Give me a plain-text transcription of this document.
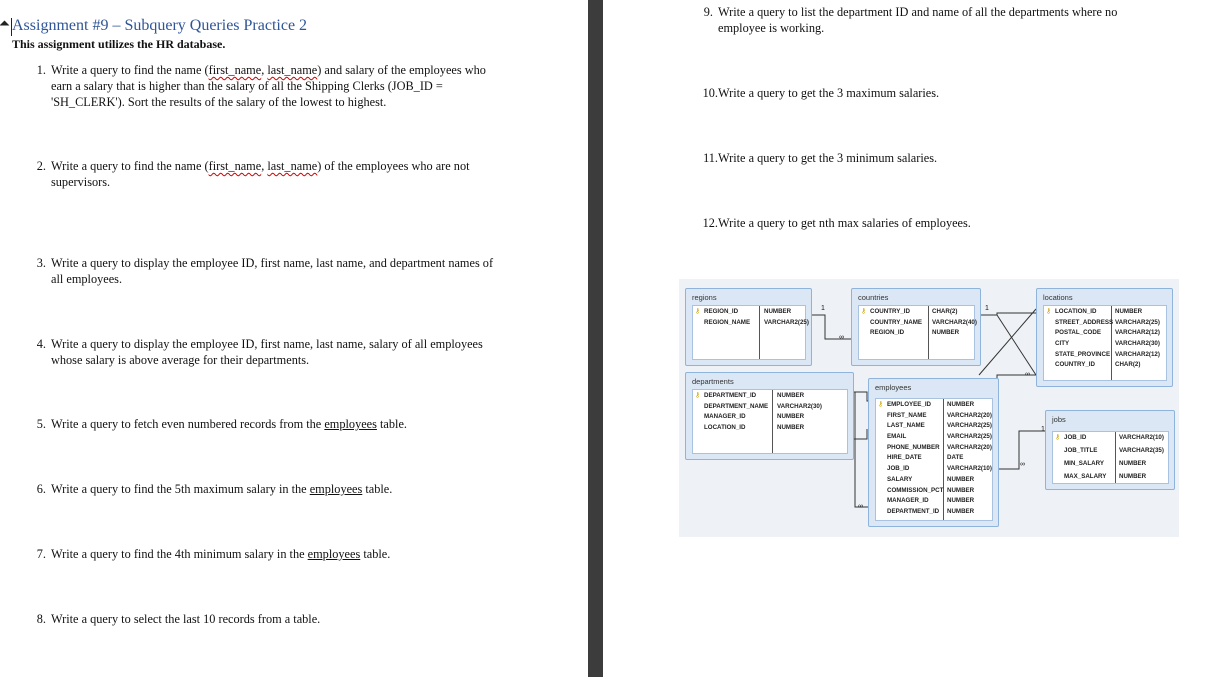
Assignment #9 – Subquery Queries Practice 2
This assignment utilizes the HR database.
1. Write a query to find the name (first_name, last_name) and salary of the employees who
earn a salary that is higher than the salary of all the Shipping Clerks (JOB_ID =
'SH_CLERK'). Sort the results of the salary of the lowest to highest.
2. Write a query to find the name (first_name, last_name) of the employees who are not
supervisors.
3. Write a query to display the employee ID, first name, last name, and department names of
all employees.
4. Write a query to display the employee ID, first name, last name, salary of all employees
whose salary is above average for their departments.
5. Write a query to fetch even numbered records from the employees table.
6. Write a query to find the 5th maximum salary in the employees table.
7. Write a query to find the 4th minimum salary in the employees table.
8. Write a query to select the last 10 records from a table.
9. Write a query to list the department ID and name of all the departments where no
employee is working.
10. Write a query to get the 3 maximum salaries.
11. Write a query to get the 3 minimum salaries.
12. Write a query to get nth max salaries of employees.
1
∞
1
∞
∞
1
∞
regions
⚷ REGION_ID	NUMBER
REGION_NAME VARCHAR2(25)
countries
⚷ COUNTRY_ID	CHAR(2)
COUNTRY_NAME VARCHAR2(40)
REGION_ID	NUMBER
locations
⚷ LOCATION_ID	NUMBER
STREET_ADDRESS VARCHAR2(25)
POSTAL_CODE VARCHAR2(12)
CITY	VARCHAR2(30)
STATE_PROVINCE VARCHAR2(12)
COUNTRY_ID	CHAR(2)
departments
⚷ DEPARTMENT_ID	NUMBER
DEPARTMENT_NAME VARCHAR2(30)
MANAGER_ID	NUMBER
LOCATION_ID	NUMBER
employees
⚷ EMPLOYEE_ID	NUMBER
FIRST_NAME	VARCHAR2(20)
LAST_NAME	VARCHAR2(25)
EMAIL	VARCHAR2(25)
PHONE_NUMBER VARCHAR2(20)
HIRE_DATE	DATE
JOB_ID	VARCHAR2(10)
SALARY	NUMBER
COMMISSION_PCT NUMBER
MANAGER_ID	NUMBER
DEPARTMENT_ID NUMBER
jobs
⚷ JOB_ID	VARCHAR2(10)
JOB_TITLE	VARCHAR2(35)
MIN_SALARY NUMBER
MAX_SALARY NUMBER
